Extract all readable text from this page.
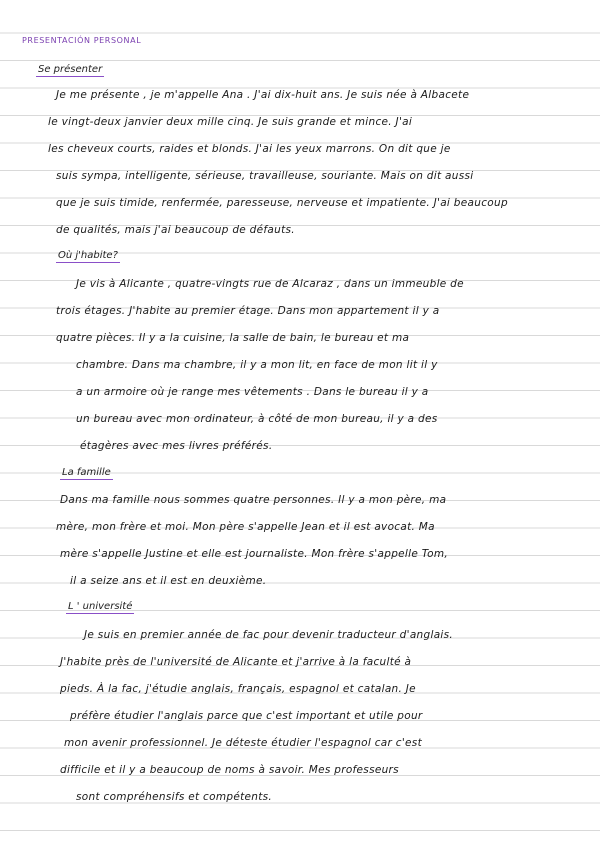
PRESENTACIÓN PERSONAL
Se présenter
Je me présente , je m'appelle Ana . J'ai dix-huit ans. Je suis née à Albacete
le vingt-deux janvier deux mille cinq. Je suis grande et mince. J'ai
les cheveux courts, raides et blonds. J'ai les yeux marrons. On dit que je
suis sympa, intelligente, sérieuse, travailleuse, souriante. Mais on dit aussi
que je suis timide, renfermée, paresseuse, nerveuse et impatiente. J'ai beaucoup
de qualités, mais j'ai beaucoup de défauts.
Où j'habite?
Je vis à Alicante , quatre-vingts rue de Alcaraz , dans un immeuble de
trois étages. J'habite au premier étage. Dans mon appartement il y a
quatre pièces. Il y a la cuisine, la salle de bain, le bureau et ma
chambre. Dans ma chambre, il y a mon lit, en face de mon lit il y
a un armoire où je range mes vêtements . Dans le bureau il y a
un bureau avec mon ordinateur, à côté de mon bureau, il y a des
étagères avec mes livres préférés.
La famille
Dans ma famille nous sommes quatre personnes. Il y a mon père, ma
mère, mon frère et moi. Mon père s'appelle Jean et il est avocat. Ma
mère s'appelle Justine et elle est journaliste. Mon frère s'appelle Tom,
il a seize ans et il est en deuxième.
L ' université
Je suis en premier année de fac pour devenir traducteur d'anglais.
J'habite près de l'université de Alicante et j'arrive à la faculté à
pieds. À la fac, j'étudie anglais, français, espagnol et catalan. Je
préfère étudier l'anglais parce que c'est important et utile pour
mon avenir professionnel. Je déteste étudier l'espagnol car c'est
difficile et il y a beaucoup de noms à savoir. Mes professeurs
sont compréhensifs et compétents.
